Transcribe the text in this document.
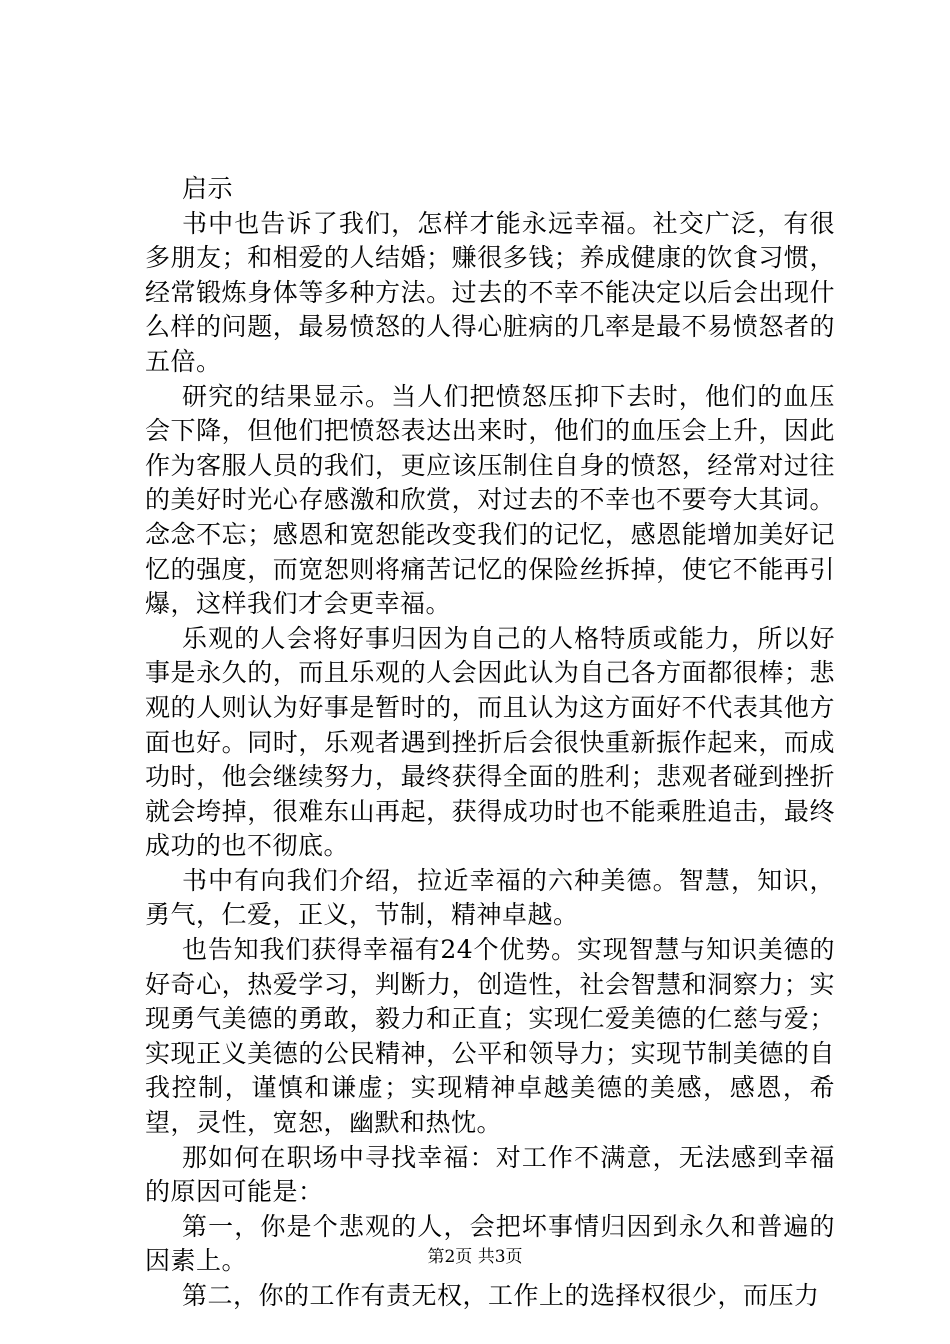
启示

书中也告诉了我们，怎样才能永远幸福。社交广泛，有很多朋友；和相爱的人结婚；赚很多钱；养成健康的饮食习惯，经常锻炼身体等多种方法。过去的不幸不能决定以后会出现什么样的问题，最易愤怒的人得心脏病的几率是最不易愤怒者的五倍。

研究的结果显示。当人们把愤怒压抑下去时，他们的血压会下降，但他们把愤怒表达出来时，他们的血压会上升，因此作为客服人员的我们，更应该压制住自身的愤怒，经常对过往的美好时光心存感激和欣赏，对过去的不幸也不要夸大其词。念念不忘；感恩和宽恕能改变我们的记忆，感恩能增加美好记忆的强度，而宽恕则将痛苦记忆的保险丝拆掉，使它不能再引爆，这样我们才会更幸福。

乐观的人会将好事归因为自己的人格特质或能力，所以好事是永久的，而且乐观的人会因此认为自己各方面都很棒；悲观的人则认为好事是暂时的，而且认为这方面好不代表其他方面也好。同时，乐观者遇到挫折后会很快重新振作起来，而成功时，他会继续努力，最终获得全面的胜利；悲观者碰到挫折就会垮掉，很难东山再起，获得成功时也不能乘胜追击，最终成功的也不彻底。

书中有向我们介绍，拉近幸福的六种美德。智慧，知识，勇气，仁爱，正义，节制，精神卓越。

也告知我们获得幸福有24个优势。实现智慧与知识美德的好奇心，热爱学习，判断力，创造性，社会智慧和洞察力；实现勇气美德的勇敢，毅力和正直；实现仁爱美德的仁慈与爱；实现正义美德的公民精神，公平和领导力；实现节制美德的自我控制，谨慎和谦虚；实现精神卓越美德的美感，感恩，希望，灵性，宽恕，幽默和热忱。

那如何在职场中寻找幸福：对工作不满意，无法感到幸福的原因可能是：

第一，你是个悲观的人，会把坏事情归因到永久和普遍的因素上。

第二，你的工作有责无权，工作上的选择权很少，而压力

第2页 共3页
